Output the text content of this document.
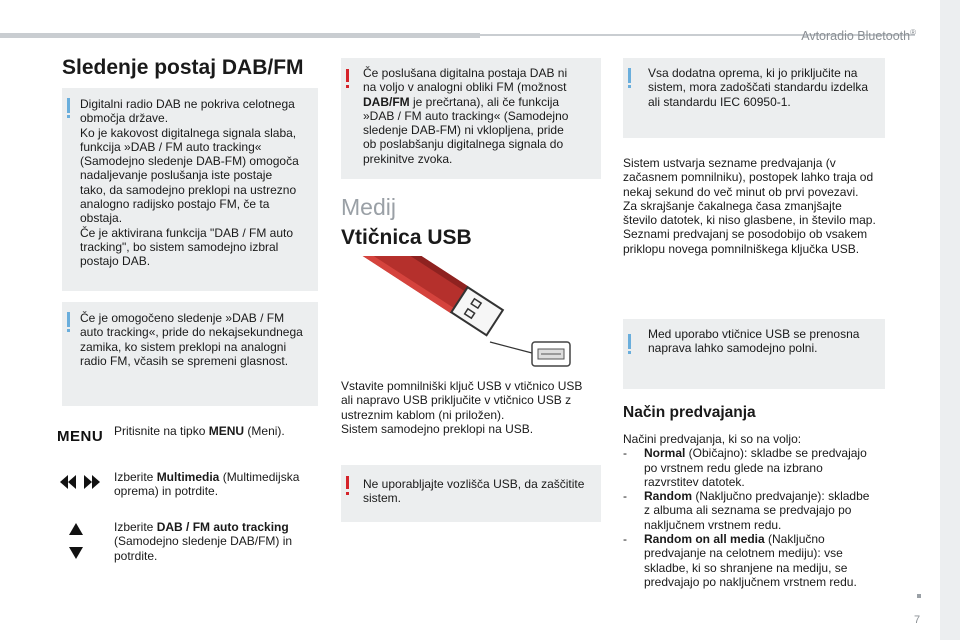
Avtoradio Bluetooth®
Sledenje postaj DAB/FM
Digitalni radio DAB ne pokriva celotnega
območja države.
Ko je kakovost digitalnega signala slaba,
funkcija »DAB / FM auto tracking«
(Samodejno sledenje DAB-FM) omogoča
nadaljevanje poslušanja iste postaje
tako, da samodejno preklopi na ustrezno
analogno radijsko postajo FM, če ta
obstaja.
Če je aktivirana funkcija "DAB / FM auto
tracking", bo sistem samodejno izbral
postajo DAB.
Če je omogočeno sledenje »DAB / FM
auto tracking«, pride do nekajsekundnega
zamika, ko sistem preklopi na analogni
radio FM, včasih se spremeni glasnost.
MENU Pritisnite na tipko MENU (Meni).
Izberite Multimedia (Multimedijska
oprema) in potrdite.
Izberite DAB / FM auto tracking
(Samodejno sledenje DAB/FM) in
potrdite.
Če poslušana digitalna postaja DAB ni
na voljo v analogni obliki FM (možnost
DAB/FM je prečrtana), ali če funkcija
»DAB / FM auto tracking« (Samodejno
sledenje DAB-FM) ni vklopljena, pride
ob poslabšanju digitalnega signala do
prekinitve zvoka.
Medij
Vtičnica USB
Vstavite pomnilniški ključ USB v vtičnico USB
ali napravo USB priključite v vtičnico USB z
ustreznim kablom (ni priložen).
Sistem samodejno preklopi na USB.
Ne uporabljajte vozlišča USB, da zaščitite
sistem.
Vsa dodatna oprema, ki jo priključite na
sistem, mora zadoščati standardu izdelka
ali standardu IEC 60950-1.
Sistem ustvarja sezname predvajanja (v
začasnem pomnilniku), postopek lahko traja od
nekaj sekund do več minut ob prvi povezavi.
Za skrajšanje čakalnega časa zmanjšajte
število datotek, ki niso glasbene, in število map.
Seznami predvajanj se posodobijo ob vsakem
priklopu novega pomnilniškega ključka USB.
Med uporabo vtičnice USB se prenosna
naprava lahko samodejno polni.
Način predvajanja
Načini predvajanja, ki so na voljo:
- Normal (Običajno): skladbe se predvajajo
po vrstnem redu glede na izbrano
razvrstitev datotek.
- Random (Naključno predvajanje): skladbe
z albuma ali seznama se predvajajo po
naključnem vrstnem redu.
- Random on all media (Naključno
predvajanje na celotnem mediju): vse
skladbe, ki so shranjene na mediju, se
predvajajo po naključnem vrstnem redu.
7
